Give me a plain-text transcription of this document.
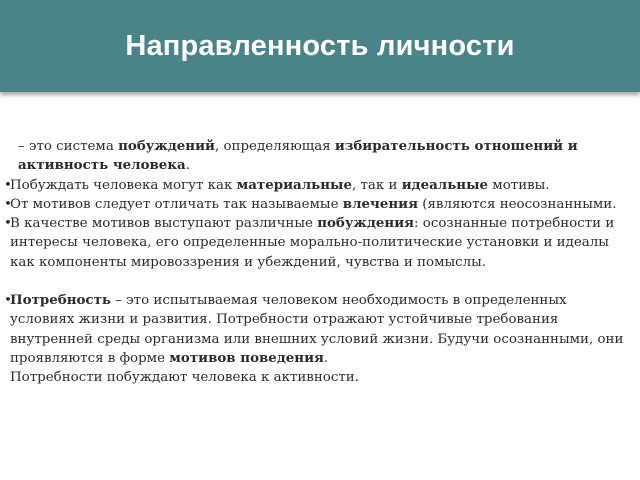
Направленность личности
– это система побуждений, определяющая избирательность отношений и активность человека.
•
Побуждать человека могут как материальные, так и идеальные мотивы.
•
От мотивов следует отличать так называемые влечения (являются неосознанными.
•
В качестве мотивов выступают различные побуждения: осознанные потребности и интересы человека, его определенные морально-политические установки и идеалы как компоненты мировоззрения и убеждений, чувства и помыслы.
•
Потребность – это испытываемая человеком необходимость в определенных условиях жизни и развития. Потребности отражают устойчивые требования внутренней среды организма или внешних условий жизни. Будучи осознанными, они проявляются в форме мотивов поведения.
Потребности побуждают человека к активности.
